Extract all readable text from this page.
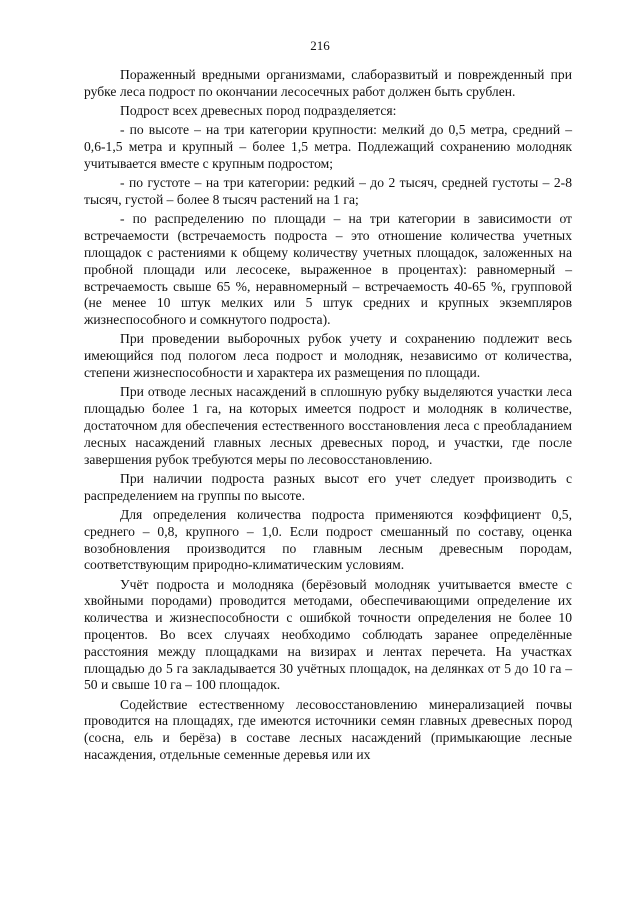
216

Пораженный вредными организмами, слаборазвитый и поврежденный при рубке леса подрост по окончании лесосечных работ должен быть срублен.

Подрост всех древесных пород подразделяется:

- по высоте – на три категории крупности: мелкий до 0,5 метра, средний – 0,6-1,5 метра и крупный – более 1,5 метра. Подлежащий сохранению молодняк учитывается вместе с крупным подростом;

- по густоте – на три категории: редкий – до 2 тысяч, средней густоты – 2-8 тысяч, густой – более 8 тысяч растений на 1 га;

- по распределению по площади – на три категории в зависимости от встречаемости (встречаемость подроста – это отношение количества учетных площадок с растениями к общему количеству учетных площадок, заложенных на пробной площади или лесосеке, выраженное в процентах): равномерный – встречаемость свыше 65 %, неравномерный – встречаемость 40-65 %, групповой (не менее 10 штук мелких или 5 штук средних и крупных экземпляров жизнеспособного и сомкнутого подроста).

При проведении выборочных рубок учету и сохранению подлежит весь имеющийся под пологом леса подрост и молодняк, независимо от количества, степени жизнеспособности и характера их размещения по площади.

При отводе лесных насаждений в сплошную рубку выделяются участки леса площадью более 1 га, на которых имеется подрост и молодняк в количестве, достаточном для обеспечения естественного восстановления леса с преобладанием лесных насаждений главных лесных древесных пород, и участки, где после завершения рубок требуются меры по лесовосстановлению.

При наличии подроста разных высот его учет следует производить с распределением на группы по высоте.

Для определения количества подроста применяются коэффициент 0,5, среднего – 0,8, крупного – 1,0. Если подрост смешанный по составу, оценка возобновления производится по главным лесным древесным породам, соответствующим природно-климатическим условиям.

Учёт подроста и молодняка (берёзовый молодняк учитывается вместе с хвойными породами) проводится методами, обеспечивающими определение их количества и жизнеспособности с ошибкой точности определения не более 10 процентов. Во всех случаях необходимо соблюдать заранее определённые расстояния между площадками на визирах и лентах перечета. На участках площадью до 5 га закладывается 30 учётных площадок, на делянках от 5 до 10 га – 50 и свыше 10 га – 100 площадок.

Содействие естественному лесовосстановлению минерализацией почвы проводится на площадях, где имеются источники семян главных древесных пород (сосна, ель и берёза) в составе лесных насаждений (примыкающие лесные насаждения, отдельные семенные деревья или их
